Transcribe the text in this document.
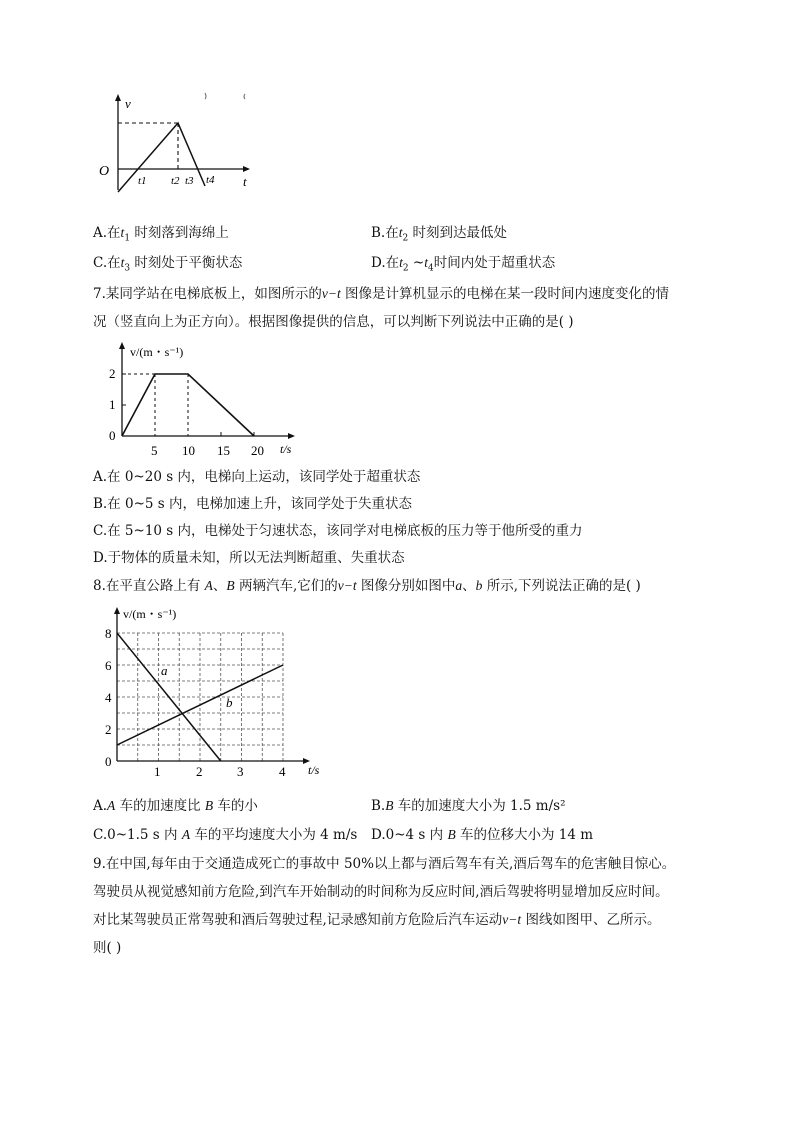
v
O
t
t1 t2 t3 t4
A.在$t_1$ 时刻落到海绵上	B.在$t_2$ 时刻到达最低处
C.在$t_3$ 时刻处于平衡状态	D.在$t_2$ $\sim t_4$时间内处于超重状态
7.某同学站在电梯底板上，如图所示的v−t 图像是计算机显示的电梯在某一段时间内速度变化的情
况（竖直向上为正方向）。根据图像提供的信息，可以判断下列说法中正确的是( )
v/(m・s⁻¹)
t/s
0
1
2
5 10 15 20
A.在 0~20 s 内，电梯向上运动，该同学处于超重状态
B.在 0~5 s 内，电梯加速上升，该同学处于失重状态
C.在 5~10 s 内，电梯处于匀速状态，该同学对电梯底板的压力等于他所受的重力
D.于物体的质量未知，所以无法判断超重、失重状态
8.在平直公路上有 A、B 两辆汽车,它们的v−t 图像分别如图中a、b 所示,下列说法正确的是( )
v/(m・s⁻¹)
t/s
0
2
4
6
8
1	2	3	4
a
b
A.A 车的加速度比 B 车的小	B.B 车的加速度大小为 1.5 m/s²
C.0~1.5 s 内 A 车的平均速度大小为 4 m/s D.0~4 s 内 B 车的位移大小为 14 m
9.在中国,每年由于交通造成死亡的事故中 50%以上都与酒后驾车有关,酒后驾车的危害触目惊心。
驾驶员从视觉感知前方危险,到汽车开始制动的时间称为反应时间,酒后驾驶将明显增加反应时间。
对比某驾驶员正常驾驶和酒后驾驶过程,记录感知前方危险后汽车运动v−t 图线如图甲、乙所示。
则( )
